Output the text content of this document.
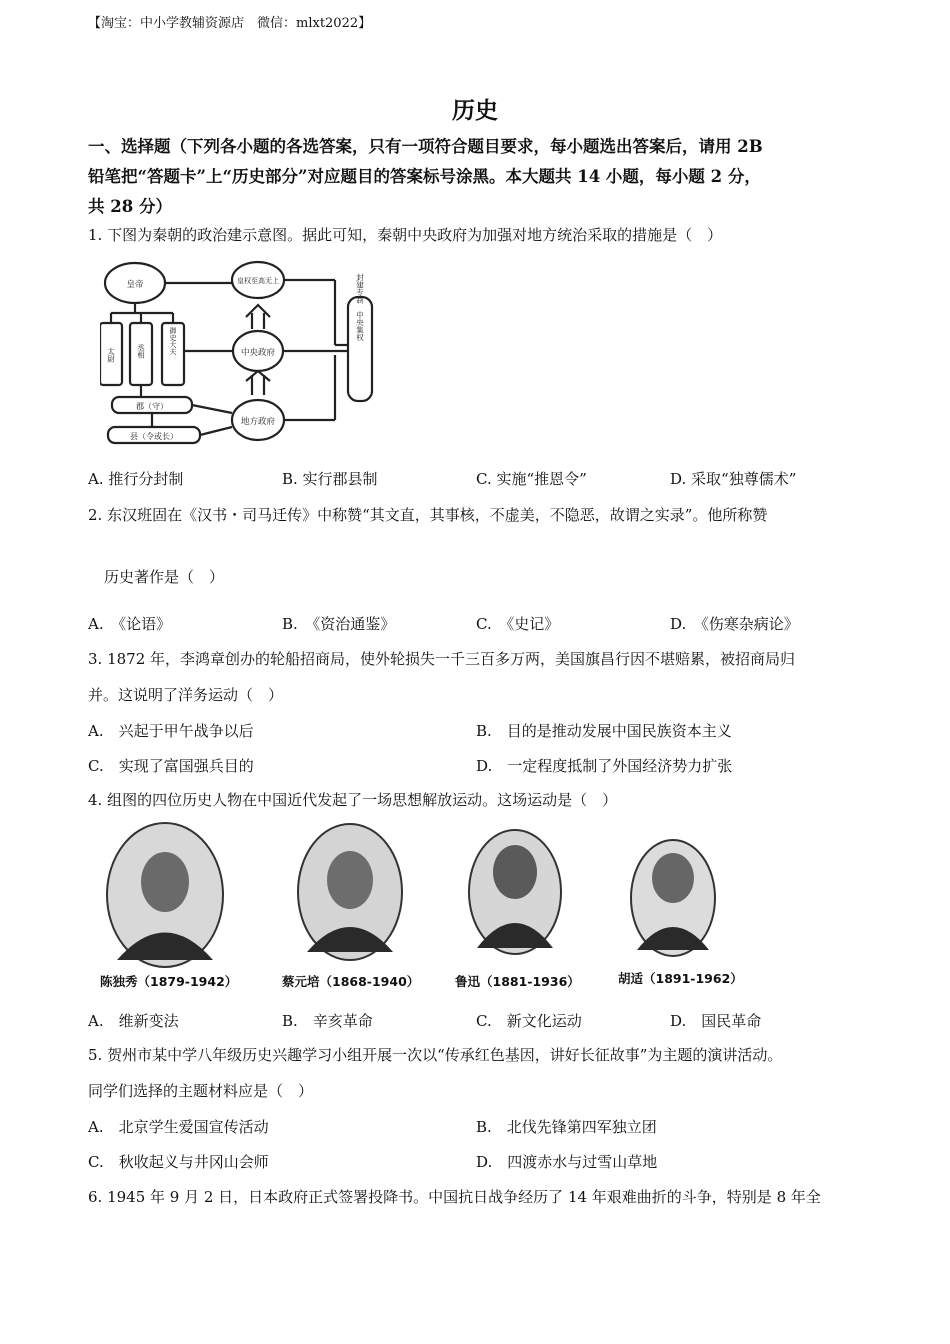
【淘宝：中小学教辅资源店　微信：mlxt2022】
历史
一、选择题（下列各小题的各选答案，只有一项符合题目要求，每小题选出答案后，请用 2B
铅笔把“答题卡”上“历史部分”对应题目的答案标号涂黑。本大题共 14 小题，每小题 2 分，
共 28 分）
1. 下图为秦朝的政治建示意图。据此可知，秦朝中央政府为加强对地方统治采取的措施是（　）
皇帝	皇权至高无上
中央政府
地方政府
郡（守）
县（令或长）
太尉	丞相	御史大夫
封建专制　中央集权
A. 推行分封制	B. 实行郡县制	C. 实施“推恩令”	D. 采取“独尊儒术”
2. 东汉班固在《汉书・司马迁传》中称赞“其文直，其事核，不虚美，不隐恶，故谓之实录”。他所称赞
历史著作是（　）
A.　《论语》	B.　《资治通鉴》	C.　《史记》	D.　《伤寒杂病论》
3. 1872 年，李鸿章创办的轮船招商局，使外轮损失一千三百多万两，美国旗昌行因不堪赔累，被招商局归
并。这说明了洋务运动（　）
A.　兴起于甲午战争以后	B.　目的是推动发展中国民族资本主义
C.　实现了富国强兵目的	D.　一定程度抵制了外国经济势力扩张
4. 组图的四位历史人物在中国近代发起了一场思想解放运动。这场运动是（　）
陈独秀（1879-1942）	蔡元培（1868-1940）	鲁迅（1881-1936）	胡适（1891-1962）
A.　维新变法	B.　辛亥革命	C.　新文化运动	D.　国民革命
5. 贺州市某中学八年级历史兴趣学习小组开展一次以“传承红色基因，讲好长征故事”为主题的演讲活动。
同学们选择的主题材料应是（　）
A.　北京学生爱国宣传活动	B.　北伐先锋第四军独立团
C.　秋收起义与井冈山会师	D.　四渡赤水与过雪山草地
6. 1945 年 9 月 2 日，日本政府正式签署投降书。中国抗日战争经历了 14 年艰难曲折的斗争，特别是 8 年全
